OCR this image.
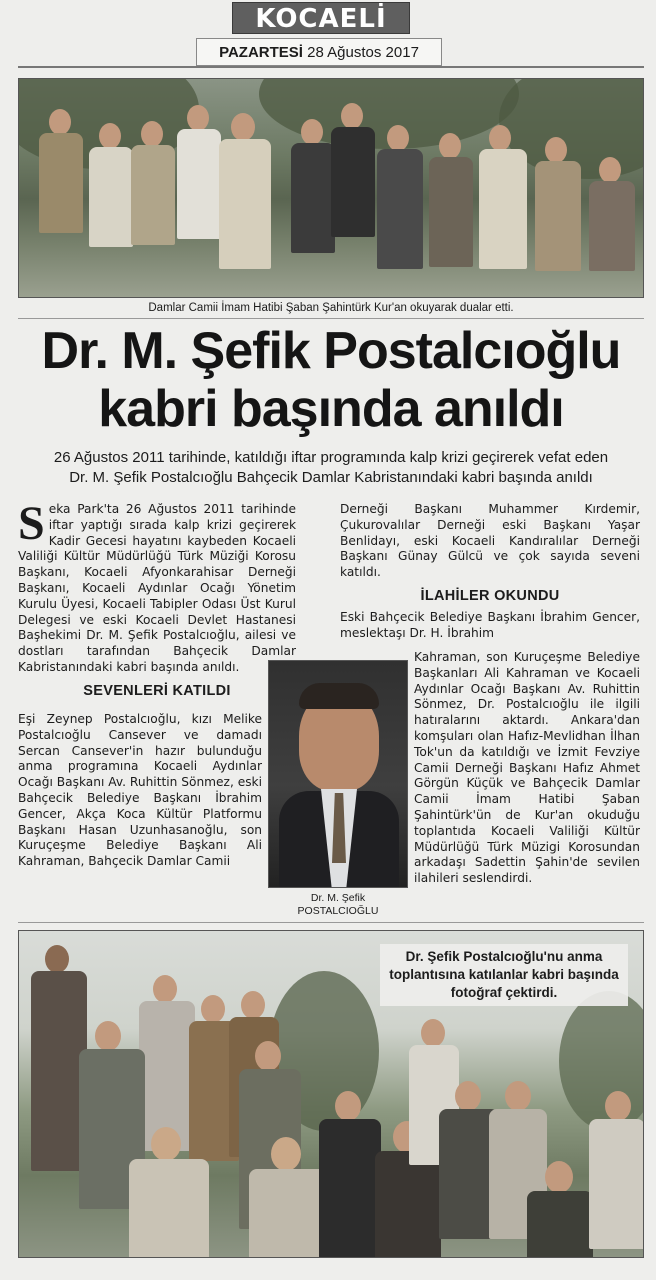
KOCAELİ
PAZARTESİ 28 Ağustos 2017
Damlar Camii İmam Hatibi Şaban Şahintürk Kur'an okuyarak dualar etti.
Dr. M. Şefik Postalcıoğlu
kabri başında anıldı
26 Ağustos 2011 tarihinde, katıldığı iftar programında kalp krizi geçirerek vefat eden
Dr. M. Şefik Postalcıoğlu Bahçecik Damlar Kabristanındaki kabri başında anıldı

Seka Park'ta 26 Ağustos 2011 tarihinde iftar yaptığı sırada kalp krizi geçirerek Kadir Gecesi hayatını kaybeden Kocaeli Valiliği Kültür Müdürlüğü Türk Müziği Korosu Başkanı, Kocaeli Afyonkarahisar Derneği Başkanı, Kocaeli Aydınlar Ocağı Yönetim Kurulu Üyesi, Kocaeli Tabipler Odası Üst Kurul Delegesi ve eski Kocaeli Devlet Hastanesi Başhekimi Dr. M. Şefik Postalcıoğlu, ailesi ve dostları tarafından Bahçecik Damlar Kabristanındaki kabri başında anıldı.

SEVENLERİ KATILDI

Eşi Zeynep Postalcıoğlu, kızı Melike Postalcıoğlu Cansever ve damadı Sercan Cansever'in hazır bulunduğu anma programına Kocaeli Aydınlar Ocağı Başkanı Av. Ruhittin Sönmez, eski Bahçecik Belediye Başkanı İbrahim Gencer, Akça Koca Kültür Platformu Başkanı Hasan Uzunhasanoğlu, son Kuruçeşme Belediye Başkanı Ali Kahraman, Bahçecik Damlar Camii

Derneği Başkanı Muhammer Kırdemir, Çukurovalılar Derneği eski Başkanı Yaşar Benlidayı, eski Kocaeli Kandıralılar Derneği Başkanı Günay Gülcü ve çok sayıda seveni katıldı.

İLAHİLER OKUNDU

Eski Bahçecik Belediye Başkanı İbrahim Gencer, meslektaşı Dr. H. İbrahim

Kahraman, son Kuruçeşme Belediye Başkanları Ali Kahraman ve Kocaeli Aydınlar Ocağı Başkanı Av. Ruhittin Sönmez, Dr. Postalcıoğlu ile ilgili hatıralarını aktardı. Ankara'dan komşuları olan Hafız-Mevlidhan İlhan Tok'un da katıldığı ve İzmit Fevziye Camii Derneği Başkanı Hafız Ahmet Görgün Küçük ve Bahçecik Damlar Camii İmam Hatibi Şaban Şahintürk'ün de Kur'an okuduğu toplantıda Kocaeli Valiliği Kültür Müdürlüğü Türk Müzigi Korosundan arkadaşı Sadettin Şahin'de sevilen ilahileri seslendirdi.

Dr. M. Şefik
POSTALCIOĞLU
Dr. Şefik Postalcıoğlu'nu anma toplantısına katılanlar kabri başında fotoğraf çektirdi.
